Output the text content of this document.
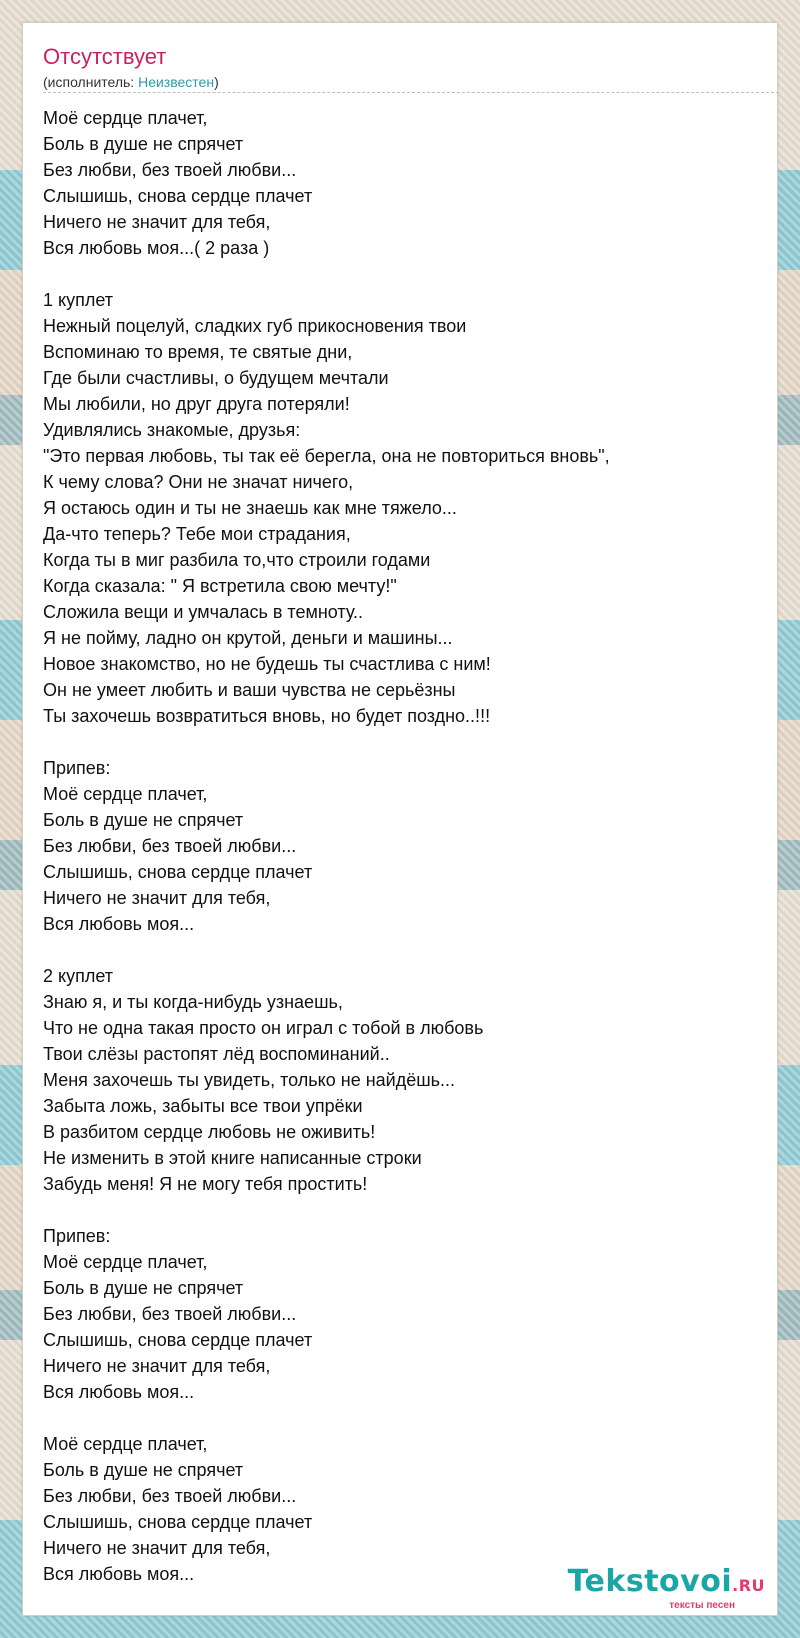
Отсутствует
(исполнитель: Неизвестен)
Моё сердце плачет,
Боль в душе не спрячет
Без любви, без твоей любви...
Слышишь, снова сердце плачет
Ничего не значит для тебя,
Вся любовь моя...( 2 раза )
1 куплет
Нежный поцелуй, сладких губ прикосновения твои
Вспоминаю то время, те святые дни,
Где были счастливы, о будущем мечтали
Мы любили, но друг друга потеряли!
Удивлялись знакомые, друзья:
"Это первая любовь, ты так её берегла, она не повториться вновь",
К чему слова? Они не значат ничего,
Я остаюсь один и ты не знаешь как мне тяжело...
Да-что теперь? Тебе мои страдания,
Когда ты в миг разбила то,что строили годами
Когда сказала: " Я встретила свою мечту!"
Сложила вещи и умчалась в темноту..
Я не пойму, ладно он крутой, деньги и машины...
Новое знакомство, но не будешь ты счастлива с ним!
Он не умеет любить и ваши чувства не серьёзны
Ты захочешь возвратиться вновь, но будет поздно..!!!
Припев:
Моё сердце плачет,
Боль в душе не спрячет
Без любви, без твоей любви...
Слышишь, снова сердце плачет
Ничего не значит для тебя,
Вся любовь моя...
2 куплет
Знаю я, и ты когда-нибудь узнаешь,
Что не одна такая просто он играл с тобой в любовь
Твои слёзы растопят лёд воспоминаний..
Меня захочешь ты увидеть, только не найдёшь...
Забыта ложь, забыты все твои упрёки
В разбитом сердце любовь не оживить!
Не изменить в этой книге написанные строки
Забудь меня! Я не могу тебя простить!
Припев:
Моё сердце плачет,
Боль в душе не спрячет
Без любви, без твоей любви...
Слышишь, снова сердце плачет
Ничего не значит для тебя,
Вся любовь моя...
Моё сердце плачет,
Боль в душе не спрячет
Без любви, без твоей любви...
Слышишь, снова сердце плачет
Ничего не значит для тебя,
Вся любовь моя...	Tekstovoi.RU
тексты песен
